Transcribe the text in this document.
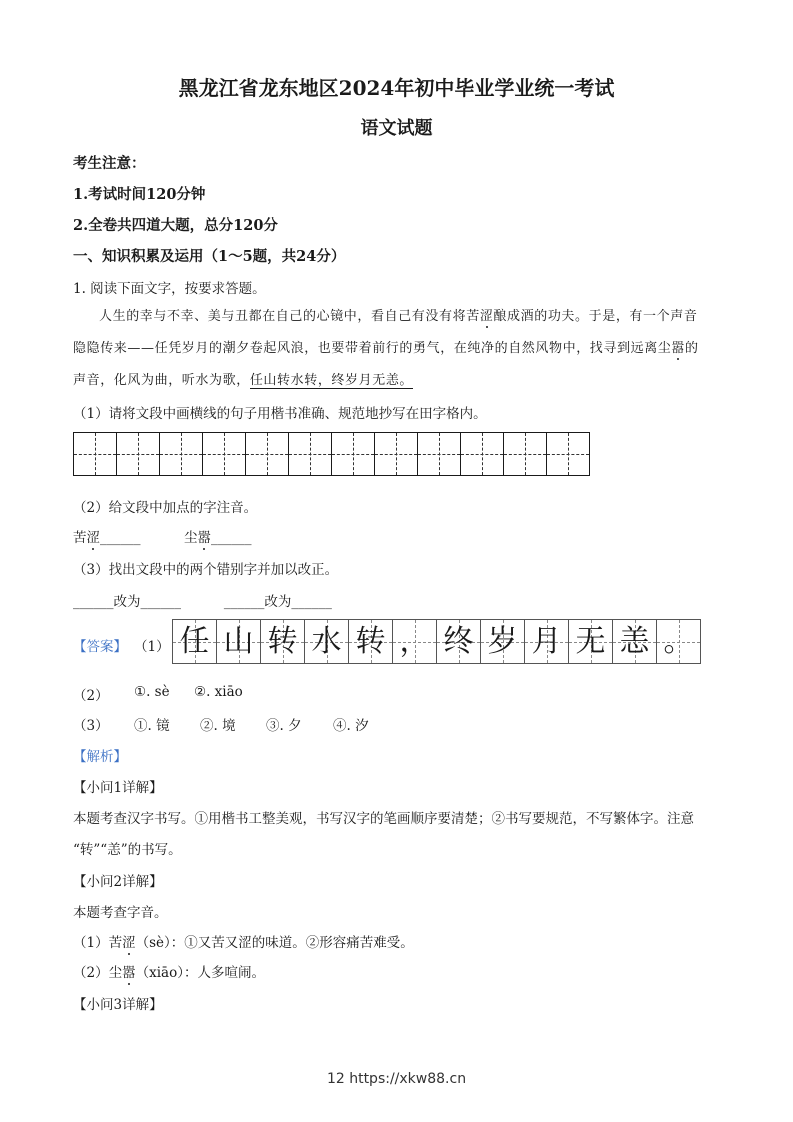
黑龙江省龙东地区2024年初中毕业学业统一考试
语文试题
考生注意：
1.考试时间120分钟
2.全卷共四道大题，总分120分
一、知识积累及运用（1～5题，共24分）
1. 阅读下面文字，按要求答题。
人生的幸与不幸、美与丑都在自己的心镜中，看自己有没有将苦涩酿成酒的功夫。于是，有一个声音
隐隐传来——任凭岁月的潮夕卷起风浪，也要带着前行的勇气，在纯净的自然风物中，找寻到远离尘嚣的
声音，化风为曲，听水为歌，任山转水转，终岁月无恙。
（1）请将文段中画横线的句子用楷书准确、规范地抄写在田字格内。
（2）给文段中加点的字注音。
苦涩______	尘嚣______
（3）找出文段中的两个错别字并加以改正。
______改为______          ______改为______
【答案】 （1） 任 山 转 水 转 ， 终 岁 月 无 恙 。
（2） ①. sè ②. xiāo
（3） ①. 镜 ②. 境 ③. 夕 ④. 汐
【解析】
【小问1详解】
本题考查汉字书写。①用楷书工整美观，书写汉字的笔画顺序要清楚；②书写要规范，不写繁体字。注意
“转”“恙”的书写。
【小问2详解】
本题考查字音。
（1）苦涩（sè）：①又苦又涩的味道。②形容痛苦难受。
（2）尘嚣（xiāo）：人多喧闹。
【小问3详解】
12 https://xkw88.cn
